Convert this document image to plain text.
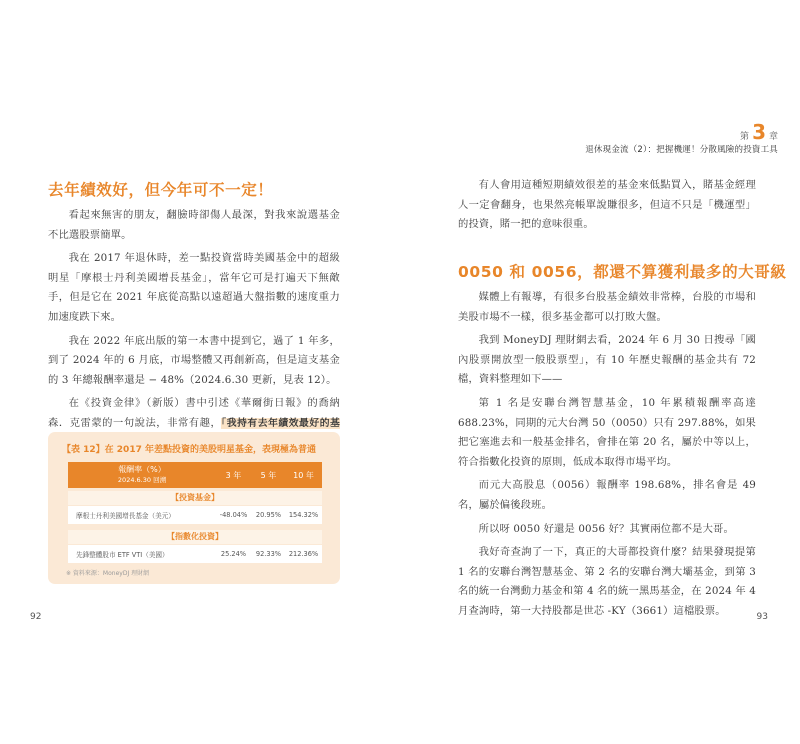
去年績效好，但今年可不一定！

看起來無害的朋友，翻臉時卻傷人最深，對我來說選基金不比選股票簡單。

我在 2017 年退休時，差一點投資當時美國基金中的超級明星「摩根士丹利美國增長基金」，當年它可是打遍天下無敵手，但是它在 2021 年底從高點以遠超過大盤指數的速度重力加速度跌下來。

我在 2022 年底出版的第一本書中提到它，過了 1 年多，到了 2024 年的 6 月底，市場整體又再創新高，但是這支基金的 3 年總報酬率還是 − 48%（2024.6.30 更新，見表 12）。

在《投資金律》（新版）書中引述《華爾街日報》的喬納森．克雷蒙的一句說法，非常有趣，「我持有去年績效最好的基

【表 12】在 2017 年差點投資的美股明星基金，表現極為普通
報酬率（%）
2024.6.30 回溯
3 年	5 年	10 年
【投資基金】
摩根士丹利美國增長基金（美元）	-48.04%	20.95%	154.32%
【指數化投資】
先鋒整體股市 ETF VTI（美國）	25.24%	92.33%	212.36%
※ 資料來源：MoneyDJ 理財網
92
第 3 章
退休現金流（2）：把握機運！分散風險的投資工具

有人會用這種短期績效很差的基金來低點買入，賭基金經理人一定會翻身，也果然亮帳單說賺很多，但這不只是「機運型」的投資，賭一把的意味很重。

0050 和 0056，都還不算獲利最多的大哥級

媒體上有報導，有很多台股基金績效非常棒，台股的市場和美股市場不一樣，很多基金都可以打敗大盤。

我到 MoneyDJ 理財網去看，2024 年 6 月 30 日搜尋「國內股票開放型一般股票型」，有 10 年歷史報酬的基金共有 72 檔，資料整理如下——

第 1 名是安聯台灣智慧基金，10 年累積報酬率高達 688.23%，同期的元大台灣 50（0050）只有 297.88%，如果把它塞進去和一般基金排名，會排在第 20 名，屬於中等以上，符合指數化投資的原則，低成本取得市場平均。

而元大高股息（0056）報酬率 198.68%，排名會是 49 名，屬於偏後段班。

所以呀 0050 好還是 0056 好？其實兩位都不是大哥。

我好奇查詢了一下，真正的大哥都投資什麼？結果發現提第 1 名的安聯台灣智慧基金、第 2 名的安聯台灣大壩基金，到第 3 名的統一台灣動力基金和第 4 名的統一黑馬基金，在 2024 年 4 月查詢時，第一大持股都是世芯 -KY（3661）這檔股票。

93
